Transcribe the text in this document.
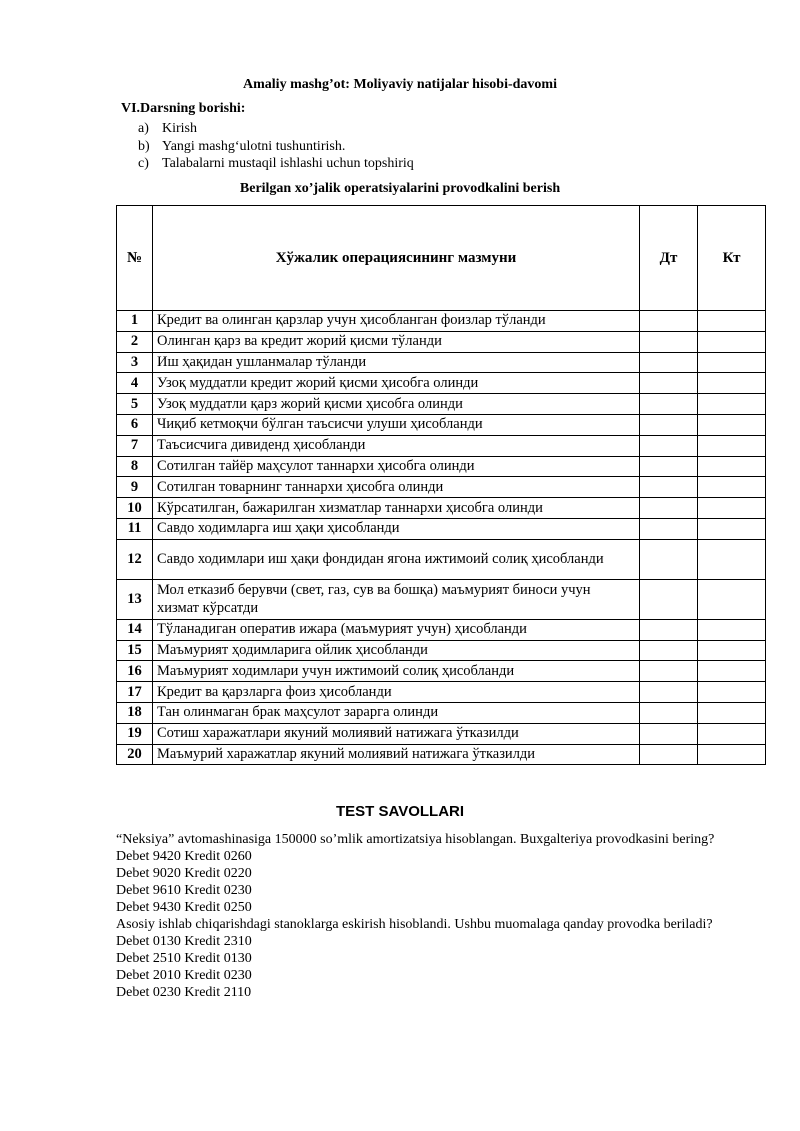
Amaliy mashg’ot: Moliyaviy natijalar hisobi-davomi
VI.Darsning borishi:
a) Kirish
b) Yangi mashg‘ulotni tushuntirish.
c) Talabalarni mustaqil ishlashi uchun topshiriq
Berilgan xo’jalik operatsiyalarini provodkalini berish
№	Хўжалик операциясининг мазмуни	Дт	Кт
1	Кредит ва олинган қарзлар учун ҳисобланган фоизлар тўланди		
2	Олинган қарз ва кредит жорий қисми тўланди		
3	Иш ҳақидан ушланмалар тўланди		
4	Узоқ муддатли кредит жорий қисми ҳисобга олинди		
5	Узоқ муддатли қарз жорий қисми ҳисобга олинди		
6	Чиқиб кетмоқчи бўлган таъсисчи улуши ҳисобланди		
7	Таъсисчига дивиденд ҳисобланди		
8	Сотилган тайёр маҳсулот таннархи ҳисобга олинди		
9	Сотилган товарнинг таннархи ҳисобга олинди		
10	Кўрсатилган, бажарилган хизматлар таннархи ҳисобга олинди		
11	Савдо ходимларга иш ҳақи ҳисобланди		
12	Савдо ходимлари иш ҳақи фондидан ягона ижтимоий солиқ ҳисобланди		
13	Мол етказиб берувчи (свет, газ, сув ва бошқа) маъмурият биноси учун хизмат кўрсатди		
14	Тўланадиган оператив ижара (маъмурият учун) ҳисобланди		
15	Маъмурият ҳодимларига ойлик ҳисобланди		
16	Маъмурият ходимлари учун ижтимоий солиқ ҳисобланди		
17	Кредит ва қарзларга фоиз ҳисобланди		
18	Тан олинмаган брак маҳсулот зарарга олинди		
19	Сотиш харажатлари якуний молиявий натижага ўтказилди		
20	Маъмурий харажатлар якуний молиявий натижага ўтказилди		
TEST SAVOLLARI

“Neksiya” avtomashinasiga 150000 so’mlik amortizatsiya hisoblangan. Buxgalteriya provodkasini bering?

Debet 9420 Kredit 0260

Debet 9020 Kredit 0220

Debet 9610 Kredit 0230

Debet 9430 Kredit 0250

Asosiy ishlab chiqarishdagi stanoklarga eskirish hisoblandi. Ushbu muomalaga qanday provodka beriladi?

Debet 0130 Kredit 2310

Debet 2510 Kredit 0130

Debet 2010 Kredit 0230

Debet 0230 Kredit 2110
